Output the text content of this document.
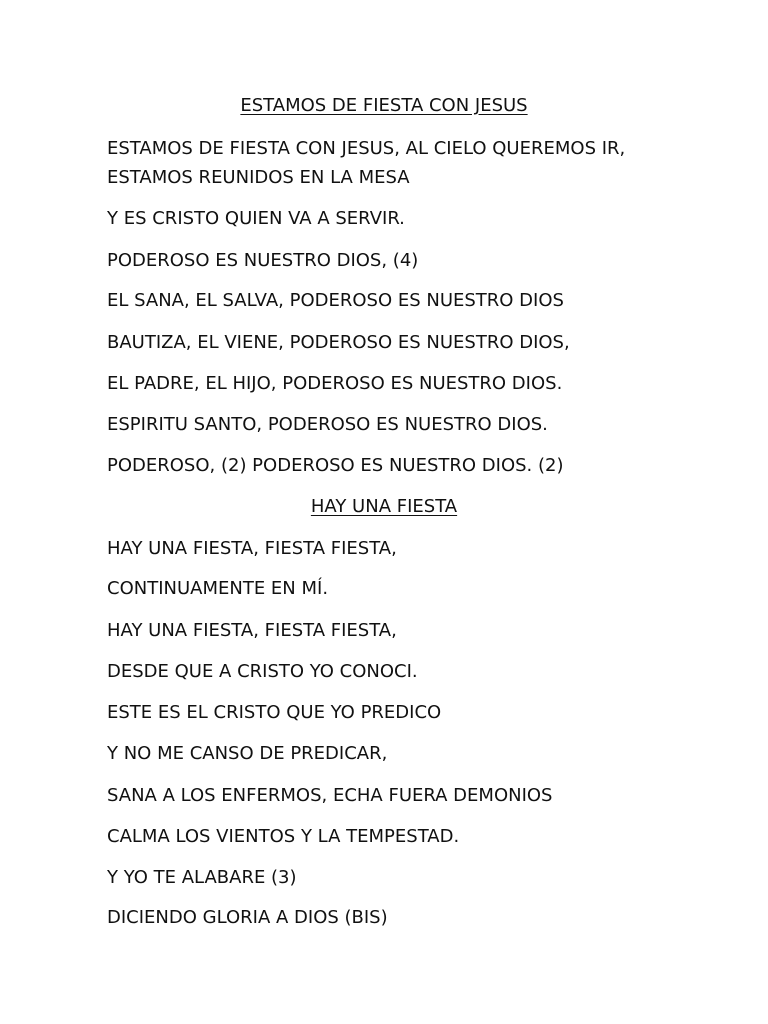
ESTAMOS DE FIESTA CON JESUS

ESTAMOS DE FIESTA CON JESUS, AL CIELO QUEREMOS IR,

ESTAMOS REUNIDOS EN LA MESA

Y ES CRISTO QUIEN VA A SERVIR.

PODEROSO ES NUESTRO DIOS, (4)

EL SANA, EL SALVA, PODEROSO ES NUESTRO DIOS

BAUTIZA, EL VIENE, PODEROSO ES NUESTRO DIOS,

EL PADRE, EL HIJO, PODEROSO ES NUESTRO DIOS.

ESPIRITU SANTO, PODEROSO ES NUESTRO DIOS.

PODEROSO, (2) PODEROSO ES NUESTRO DIOS. (2)

HAY UNA FIESTA

HAY UNA FIESTA, FIESTA FIESTA,

CONTINUAMENTE EN MÍ.

HAY UNA FIESTA, FIESTA FIESTA,

DESDE QUE A CRISTO YO CONOCI.

ESTE ES EL CRISTO QUE YO PREDICO

Y NO ME CANSO DE PREDICAR,

SANA A LOS ENFERMOS, ECHA FUERA DEMONIOS

CALMA LOS VIENTOS Y LA TEMPESTAD.

Y YO TE ALABARE (3)

DICIENDO GLORIA A DIOS (BIS)
